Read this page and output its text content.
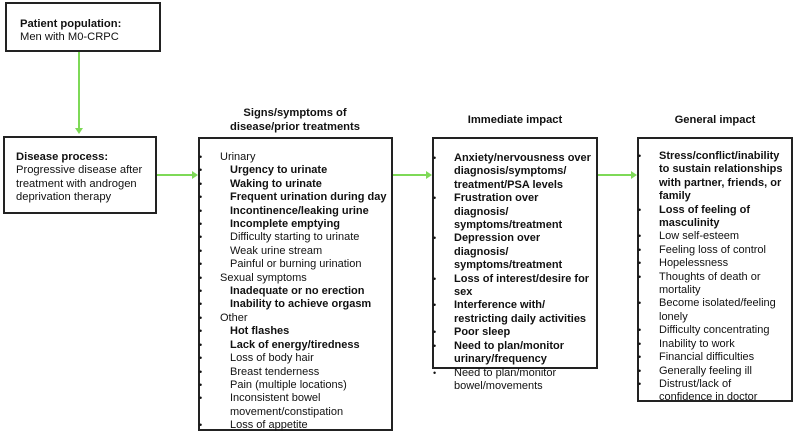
Patient population:
Men with M0-CRPC
Disease process:
Progressive disease after
treatment with androgen
deprivation therapy
Signs/symptoms of
disease/prior treatments
• Urinary
• Urgency to urinate
• Waking to urinate
• Frequent urination during day
• Incontinence/leaking urine
• Incomplete emptying
• Difficulty starting to urinate
• Weak urine stream
• Painful or burning urination
• Sexual symptoms
• Inadequate or no erection
• Inability to achieve orgasm
• Other
• Hot flashes
• Lack of energy/tiredness
• Loss of body hair
• Breast tenderness
• Pain (multiple locations)
• Inconsistent bowel movement/constipation
• Loss of appetite
Immediate impact
• Anxiety/nervousness over diagnosis/symptoms/ treatment/PSA levels
• Frustration over diagnosis/ symptoms/treatment
• Depression over diagnosis/ symptoms/treatment
• Loss of interest/desire for sex
• Interference with/ restricting daily activities
• Poor sleep
• Need to plan/monitor urinary/frequency
• Need to plan/monitor bowel/movements
General impact
• Stress/conflict/inability to sustain relationships with partner, friends, or family
• Loss of feeling of masculinity
• Low self-esteem
• Feeling loss of control
• Hopelessness
• Thoughts of death or mortality
• Become isolated/feeling lonely
• Difficulty concentrating
• Inability to work
• Financial difficulties
• Generally feeling ill
• Distrust/lack of confidence in doctor
